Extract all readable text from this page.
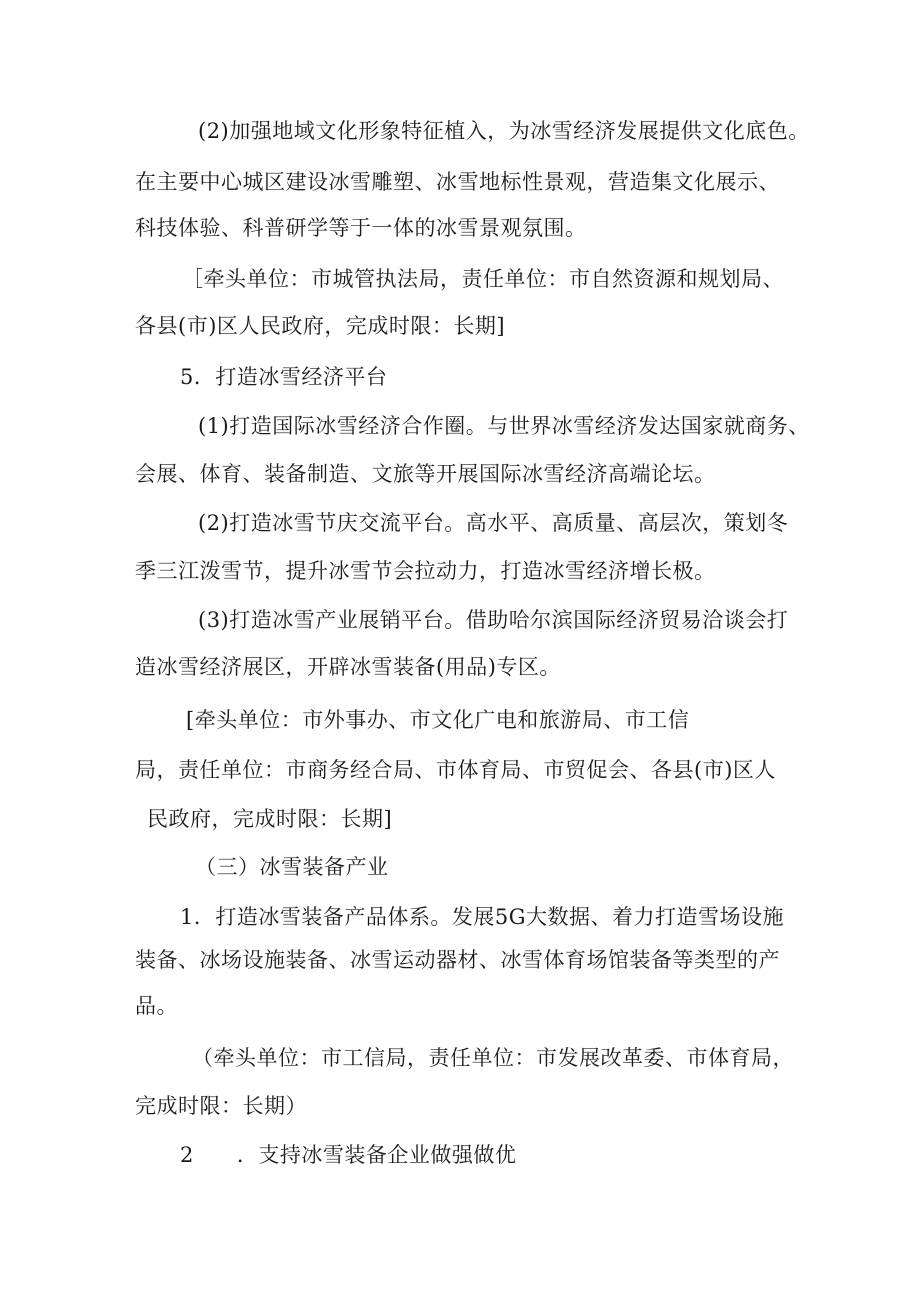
(2)加强地域文化形象特征植入，为冰雪经济发展提供文化底色。
在主要中心城区建设冰雪雕塑、冰雪地标性景观，营造集文化展示、
科技体验、科普研学等于一体的冰雪景观氛围。
［牵头单位：市城管执法局，责任单位：市自然资源和规划局、
各县(市)区人民政府，完成时限：长期]
5．打造冰雪经济平台
(1)打造国际冰雪经济合作圈。与世界冰雪经济发达国家就商务、
会展、体育、装备制造、文旅等开展国际冰雪经济高端论坛。
(2)打造冰雪节庆交流平台。高水平、高质量、高层次，策划冬
季三江泼雪节，提升冰雪节会拉动力，打造冰雪经济增长极。
(3)打造冰雪产业展销平台。借助哈尔滨国际经济贸易洽谈会打
造冰雪经济展区，开辟冰雪装备(用品)专区。
[牵头单位：市外事办、市文化广电和旅游局、市工信
局，责任单位：市商务经合局、市体育局、市贸促会、各县(市)区人
民政府，完成时限：长期]
（三）冰雪装备产业
1．打造冰雪装备产品体系。发展5G大数据、着力打造雪场设施
装备、冰场设施装备、冰雪运动器材、冰雪体育场馆装备等类型的产
品。
（牵头单位：市工信局，责任单位：市发展改革委、市体育局，
完成时限：长期）
2　　．支持冰雪装备企业做强做优
